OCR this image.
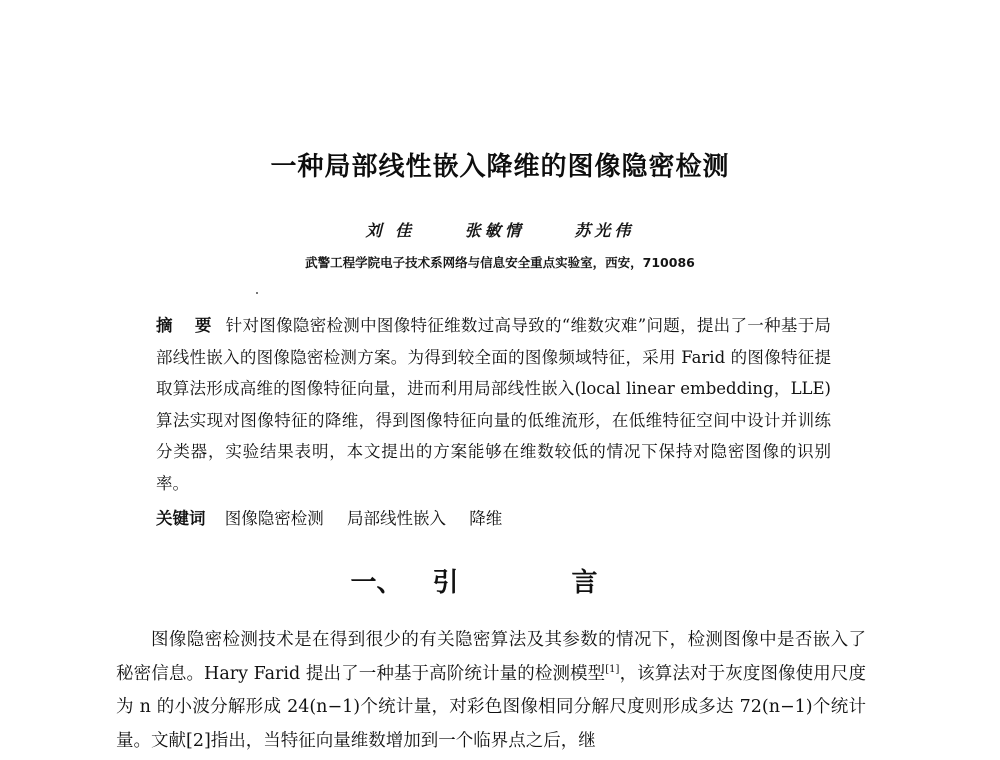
一种局部线性嵌入降维的图像隐密检测
刘 佳	张敏情	苏光伟
武警工程学院电子技术系网络与信息安全重点实验室，西安，710086
摘 要 针对图像隐密检测中图像特征维数过高导致的“维数灾难”问题，提出了一种基于局部线性嵌入的图像隐密检测方案。为得到较全面的图像频域特征，采用 Farid 的图像特征提取算法形成高维的图像特征向量，进而利用局部线性嵌入(local linear embedding，LLE)算法实现对图像特征的降维，得到图像特征向量的低维流形，在低维特征空间中设计并训练分类器，实验结果表明，本文提出的方案能够在维数较低的情况下保持对隐密图像的识别率。
关键词 图像隐密检测 局部线性嵌入 降维
一、 引 言
图像隐密检测技术是在得到很少的有关隐密算法及其参数的情况下，检测图像中是否嵌入了秘密信息。Hary Farid 提出了一种基于高阶统计量的检测模型[1]，该算法对于灰度图像使用尺度为 n 的小波分解形成 24(n−1)个统计量，对彩色图像相同分解尺度则形成多达 72(n−1)个统计量。文献[2]指出，当特征向量维数增加到一个临界点之后，继
